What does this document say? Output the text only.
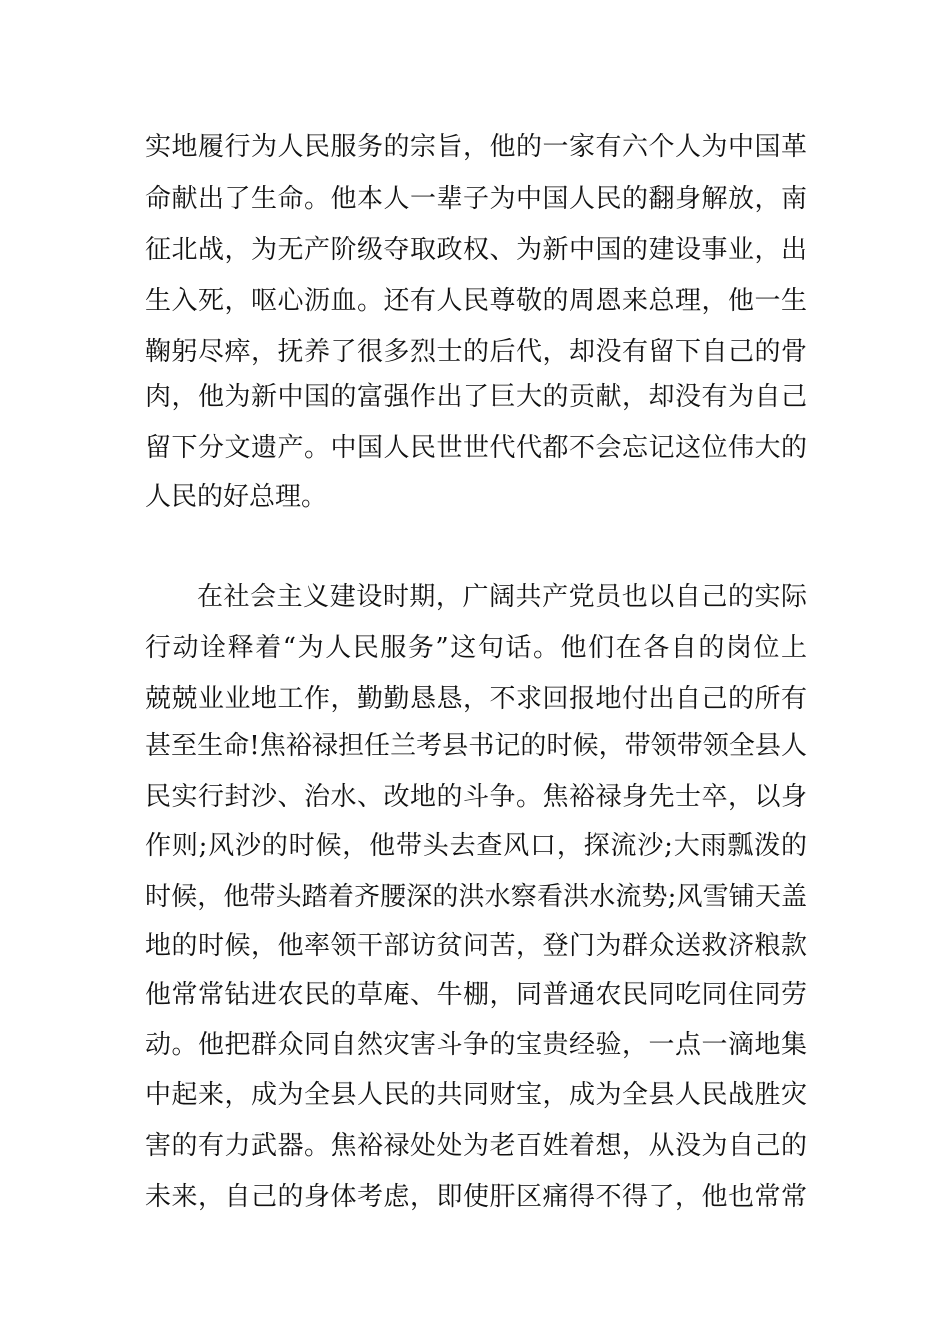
实地履行为人民服务的宗旨，他的一家有六个人为中国革
命献出了生命。他本人一辈子为中国人民的翻身解放，南
征北战，为无产阶级夺取政权、为新中国的建设事业，出
生入死，呕心沥血。还有人民尊敬的周恩来总理，他一生
鞠躬尽瘁，抚养了很多烈士的后代，却没有留下自己的骨
肉，他为新中国的富强作出了巨大的贡献，却没有为自己
留下分文遗产。中国人民世世代代都不会忘记这位伟大的
人民的好总理。
在社会主义建设时期，广阔共产党员也以自己的实际
行动诠释着“为人民服务”这句话。他们在各自的岗位上
兢兢业业地工作，勤勤恳恳，不求回报地付出自己的所有
甚至生命!焦裕禄担任兰考县书记的时候，带领带领全县人
民实行封沙、治水、改地的斗争。焦裕禄身先士卒，以身
作则;风沙的时候，他带头去查风口，探流沙;大雨瓢泼的
时候，他带头踏着齐腰深的洪水察看洪水流势;风雪铺天盖
地的时候，他率领干部访贫问苦，登门为群众送救济粮款
他常常钻进农民的草庵、牛棚，同普通农民同吃同住同劳
动。他把群众同自然灾害斗争的宝贵经验，一点一滴地集
中起来，成为全县人民的共同财宝，成为全县人民战胜灾
害的有力武器。焦裕禄处处为老百姓着想，从没为自己的
未来，自己的身体考虑，即使肝区痛得不得了，他也常常
